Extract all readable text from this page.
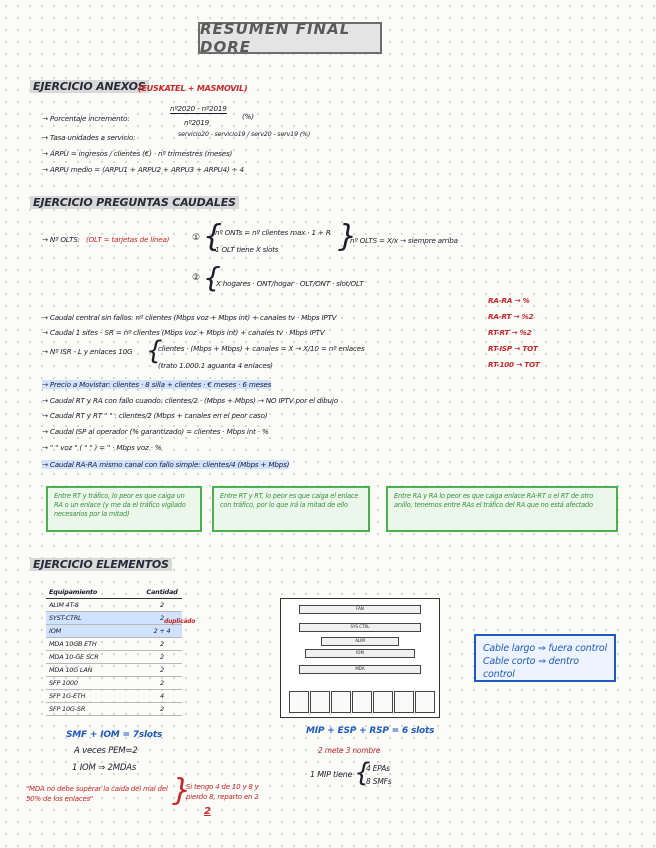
RESUMEN FINAL DORE
EJERCICIO ANEXOS
(EUSKATEL + MASMOVIL)
→ Porcentaje incremento:
nº2020 - nº2019
nº2019
(%)
→ Tasa unidades a servicio:	servicio20 - servicio19 / serv20 - serv19 (%)
→ ARPU = ingresos / clientes (€) · nº trimestres (meses)
→ ARPU medio = (ARPU1 + ARPU2 + ARPU3 + ARPU4) ÷ 4
EJERCICIO PREGUNTAS CAUDALES
→ Nº OLTS: (OLT = tarjetas de línea)	① {
nº ONTs = nº clientes max · 1 + R
1 OLT tiene X slots }
nº OLTS = X/x → siempre arriba
② {
X hogares · ONT/hogar · OLT/ONT · slot/OLT
→ Caudal central sin fallos: nº clientes (Mbps voz + Mbps int) + canales tv · Mbps IPTV
→ Caudal 1 sites - SR = nº clientes (Mbps voz + Mbps int) + canales tv · Mbps IPTV
→ Nº ISR - L y enlaces 10G {
clientes · (Mbps + Mbps) + canales = X → X/10 = nº enlaces
(trato 1.000.1 aguanta 4 enlaces)
→ Precio a Movistar: clientes · 8 silla + clientes · € meses · 6 meses
→ Caudal RT y RA con fallo cuando: clientes/2 · (Mbps + Mbps) → NO IPTV por el dibujo
→ Caudal RT y RT " " : clientes/2 (Mbps + canales en el peor caso)
→ Caudal ISP al operador (% garantizado) = clientes · Mbps int · %
→ " " voz " ( " " ) = " · Mbps voz · %
→ Caudal RA-RA mismo canal con fallo simple: clientes/4 (Mbps + Mbps)
RA-RA → %
RA-RT → %2
RT-RT → %2
RT-ISP → TOT
RT-100 → TOT
Entre RT y tráfico, lo peor es que caiga un RA o un enlace (y me da el tráfico vigilado necesarios por la mitad)
Entre RT y RT, lo peor es que caiga el enlace con tráfico, por lo que irá la mitad de ello
Entre RA y RA lo peor es que caiga enlace RA-RT o el RT de otro anillo, tenemos entre RAs el tráfico del RA que no está afectado
EJERCICIO ELEMENTOS
Equipamiento	Cantidad
ALIM 4T-8	2
SYST-CTRL	2
IOM	2 + 4
MDA 10GB ETH	2
MDA 10-GE SCR	2
MDA 10G LAN	2
SFP 1000	2
SFP 1G-ETH	4
SFP 10G-SR	2
duplicado
SMF + IOM = 7slots
A veces PEM=2
1 IOM ⇒ 2MDAs
"MDA no debe superar la caída del mal del 50% de los enlaces"	}
Si tengo 4 de 10 y 8 y pierdo 8, reparto en 2
2
FAN
SYS CTRL
ALIM
IOM
MDA
MIP + ESP + RSP = 6 slots
2 mete 3 nombre
1 MIP tiene {
4 EPAs
8 SMFs
Cable largo ⇒ fuera control
Cable corto ⇒ dentro control
